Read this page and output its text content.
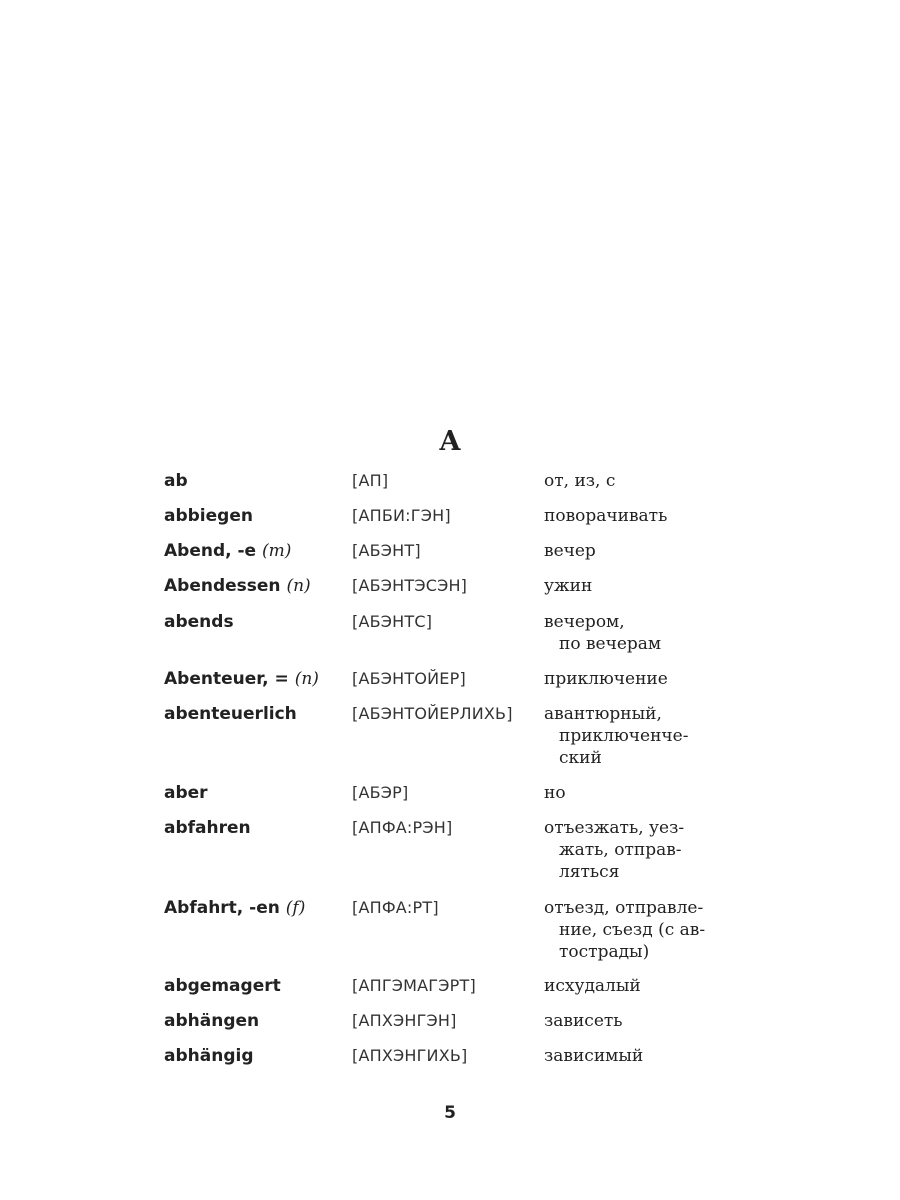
A
ab	[АП]	от, из, с
abbiegen	[АПБИ:ГЭН]	поворачивать
Abend, -e (m)	[АБЭНТ]	вечер
Abendessen (n)	[АБЭНТЭСЭН]	ужин
abends	[АБЭНТС]	вечером,
по вечерам
Abenteuer, = (n)	[АБЭНТОЙЕР]	приключение
abenteuerlich	[АБЭНТОЙЕРЛИХЬ]	авантюрный,
приключенче-
ский
aber	[АБЭР]	но
abfahren	[АПФА:РЭН]	отъезжать, уез-
жать, отправ-
ляться
Abfahrt, -en (f)	[АПФА:РТ]	отъезд, отправле-
ние, съезд (с ав-
тострады)
abgemagert	[АПГЭМАГЭРТ]	исхудалый
abhängen	[АПХЭНГЭН]	зависеть
abhängig	[АПХЭНГИХЬ]	зависимый
5
